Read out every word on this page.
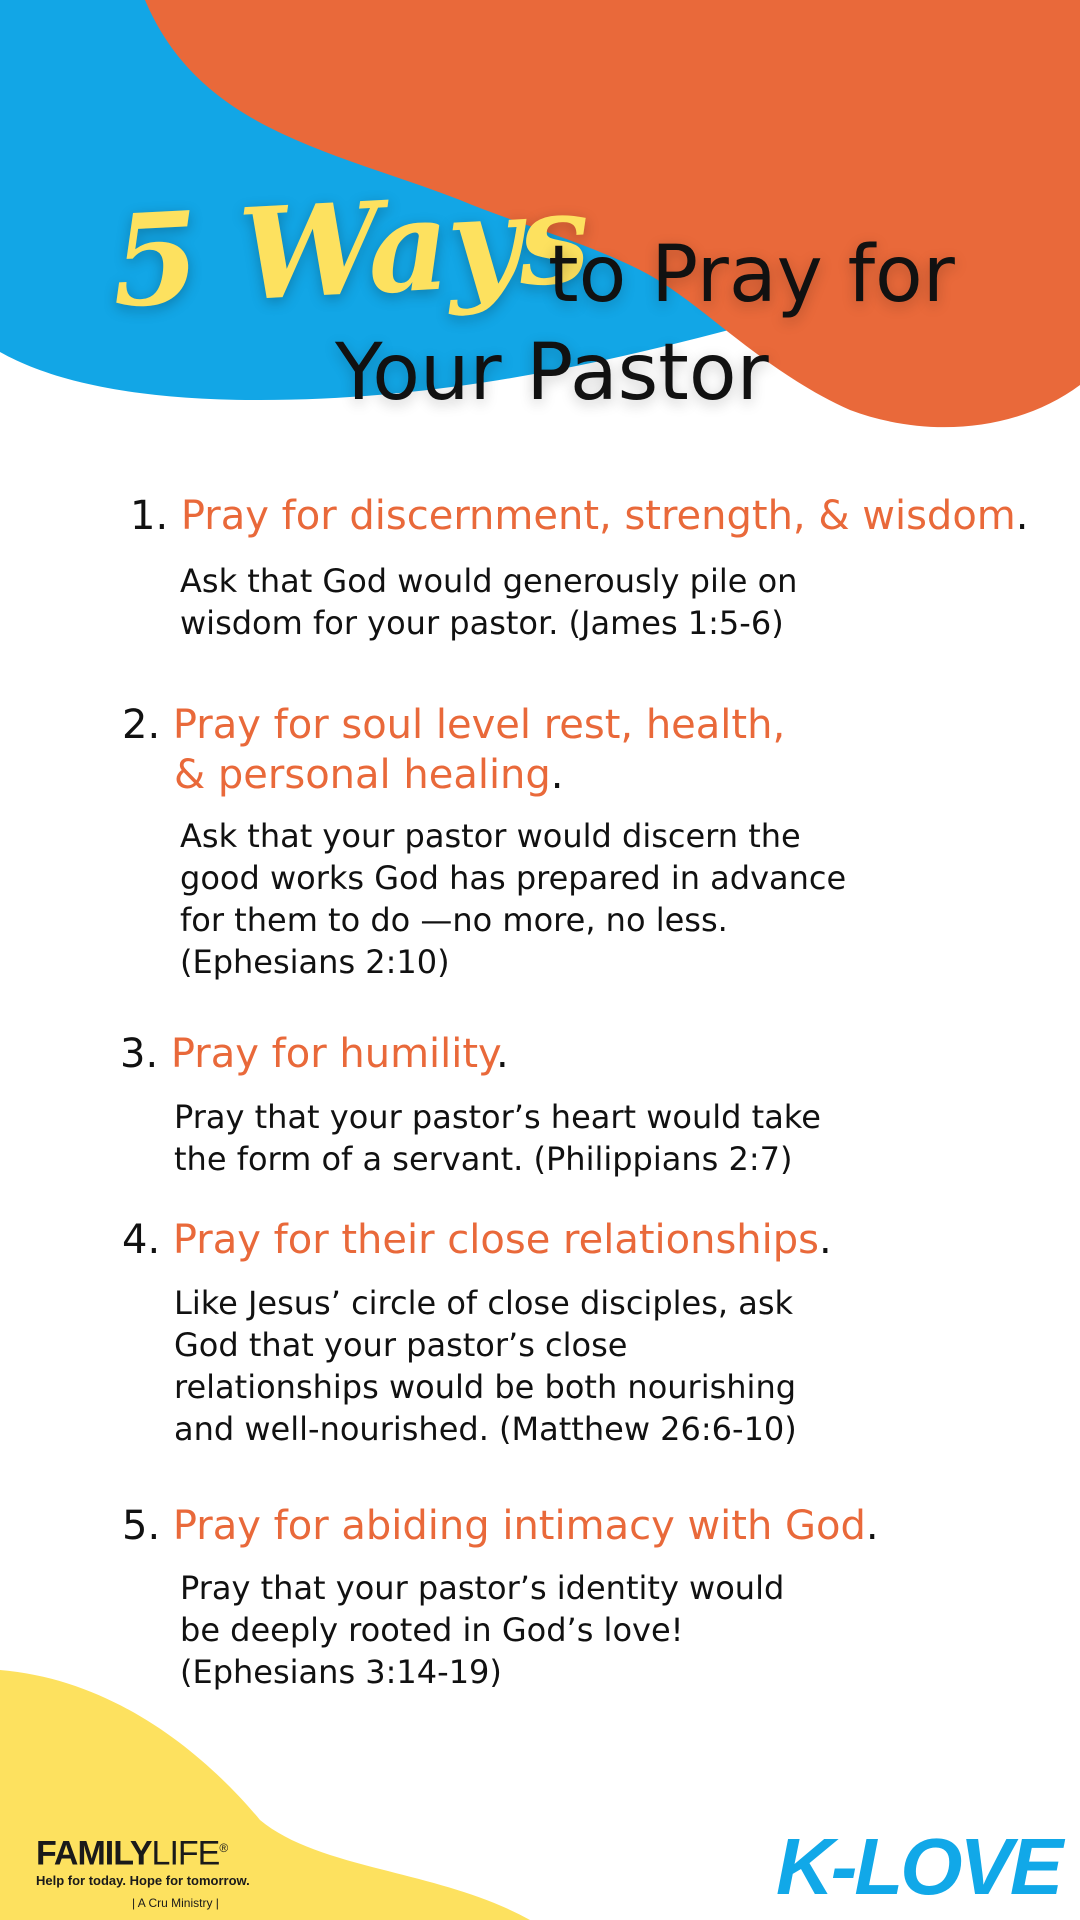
5 Ways
to Pray for
Your Pastor
1. Pray for discernment, strength, & wisdom.
Ask that God would generously pile on
wisdom for your pastor. (James 1:5-6)
2. Pray for soul level rest, health,
& personal healing.
Ask that your pastor would discern the
good works God has prepared in advance
for them to do —no more, no less.
(Ephesians 2:10)
3. Pray for humility.
Pray that your pastor’s heart would take
the form of a servant. (Philippians 2:7)
4. Pray for their close relationships.
Like Jesus’ circle of close disciples, ask
God that your pastor’s close
relationships would be both nourishing
and well-nourished. (Matthew 26:6-10)
5. Pray for abiding intimacy with God.
Pray that your pastor’s identity would
be deeply rooted in God’s love!
(Ephesians 3:14-19)
FAMILYLIFE®
Help for today. Hope for tomorrow.
| A Cru Ministry |	K-LOVE
